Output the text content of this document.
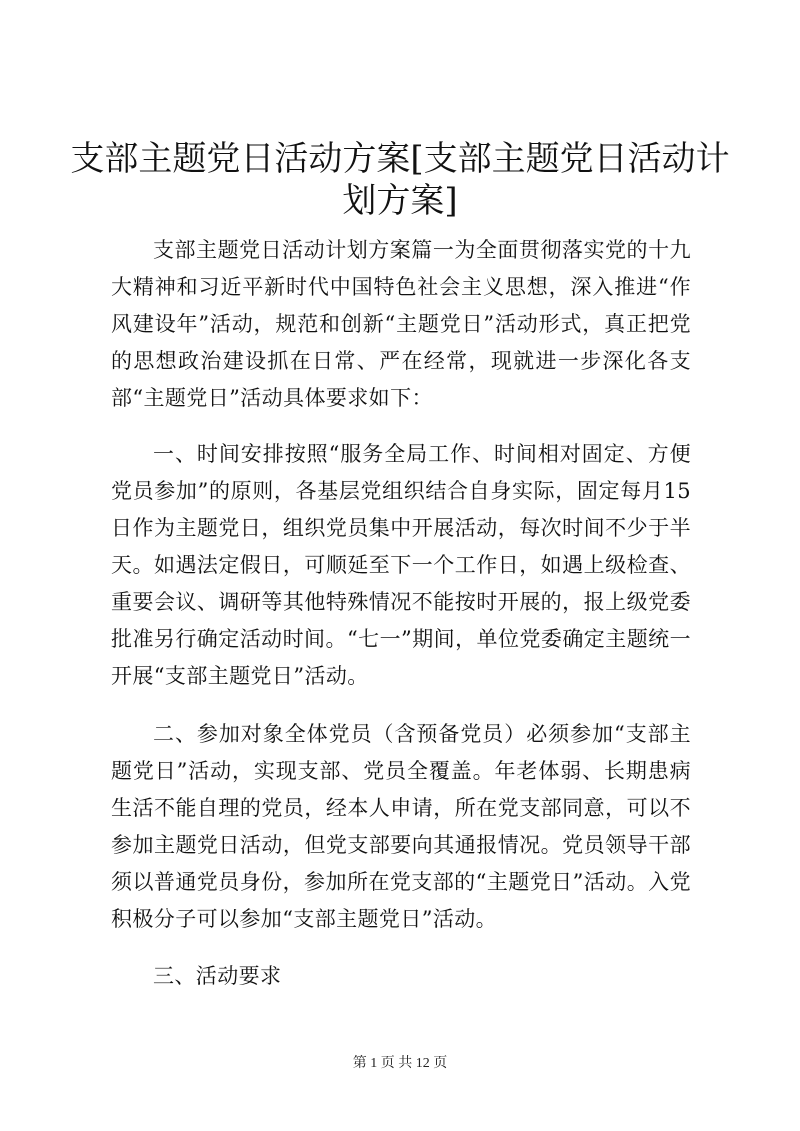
支部主题党日活动方案[支部主题党日活动计
划方案]

支部主题党日活动计划方案篇一为全面贯彻落实党的十九大精神和习近平新时代中国特色社会主义思想，深入推进“作风建设年”活动，规范和创新“主题党日”活动形式，真正把党的思想政治建设抓在日常、严在经常，现就进一步深化各支部“主题党日”活动具体要求如下：

一、时间安排按照“服务全局工作、时间相对固定、方便党员参加”的原则，各基层党组织结合自身实际，固定每月15日作为主题党日，组织党员集中开展活动，每次时间不少于半天。如遇法定假日，可顺延至下一个工作日，如遇上级检查、重要会议、调研等其他特殊情况不能按时开展的，报上级党委批准另行确定活动时间。“七一”期间，单位党委确定主题统一开展“支部主题党日”活动。

二、参加对象全体党员（含预备党员）必须参加“支部主题党日”活动，实现支部、党员全覆盖。年老体弱、长期患病生活不能自理的党员，经本人申请，所在党支部同意，可以不参加主题党日活动，但党支部要向其通报情况。党员领导干部须以普通党员身份，参加所在党支部的“主题党日”活动。入党积极分子可以参加“支部主题党日”活动。

三、活动要求

第 1 页 共 12 页
